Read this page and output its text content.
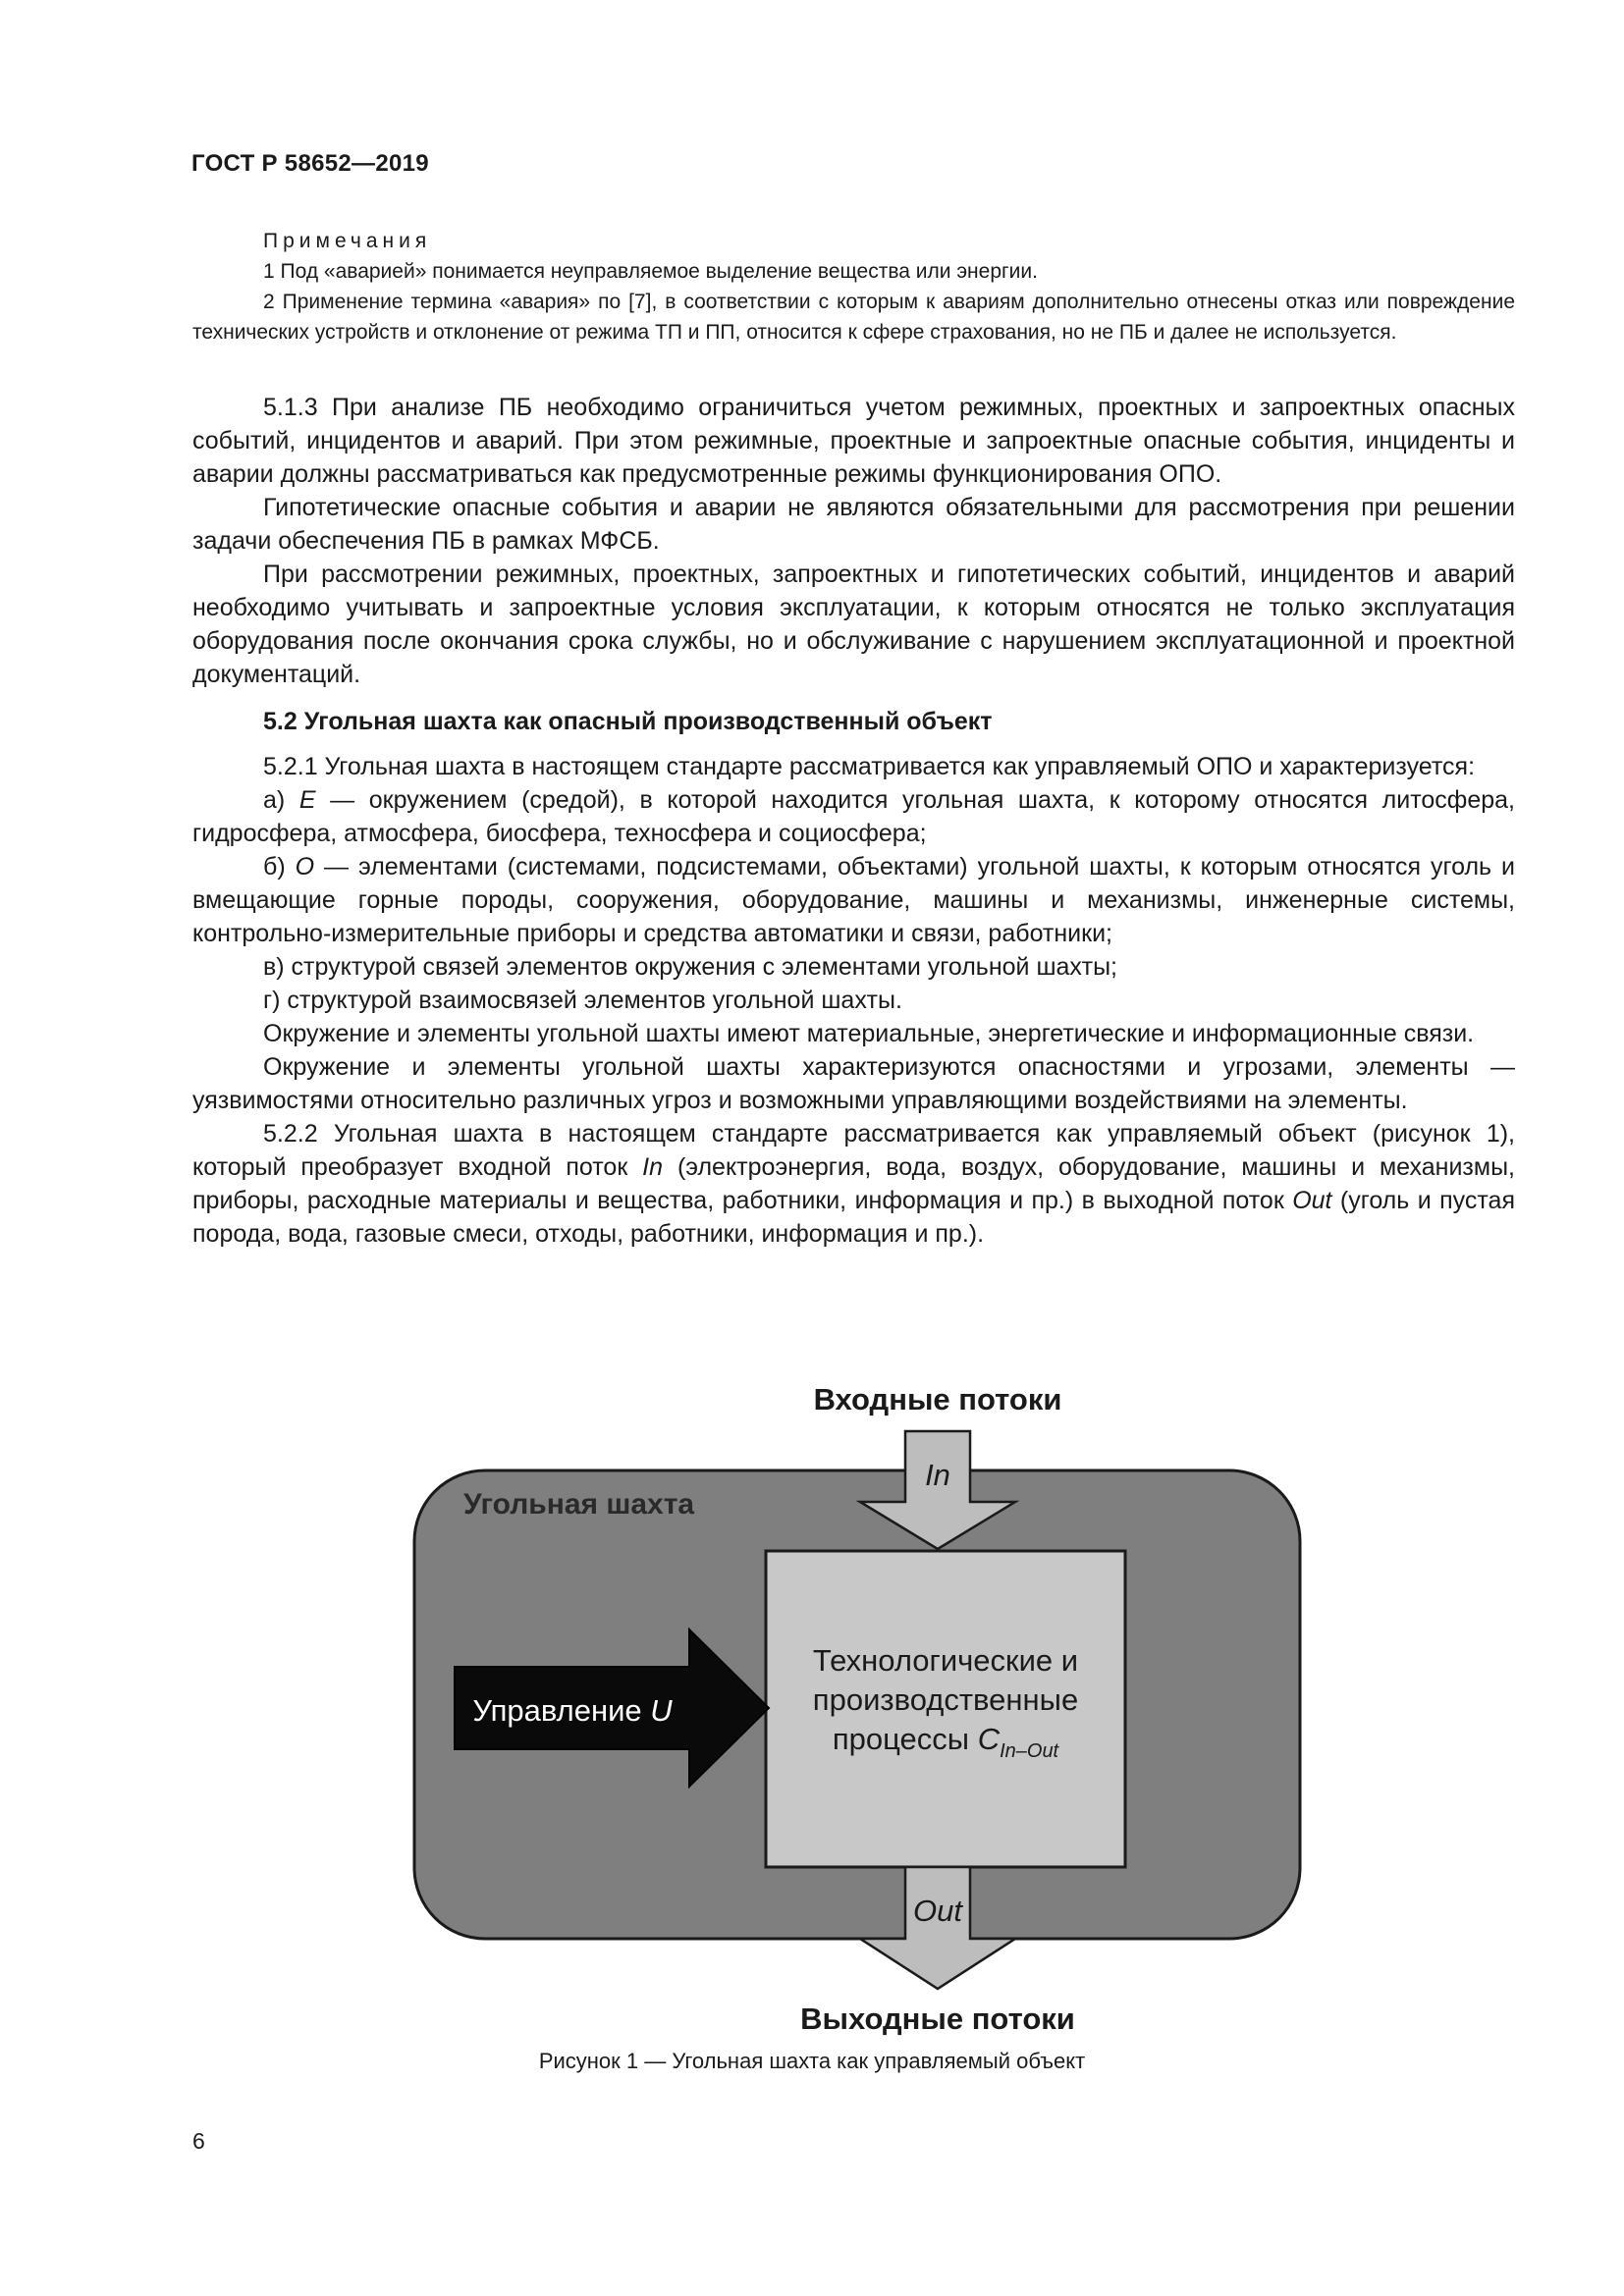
ГОСТ Р 58652—2019
Примечания

1 Под «аварией» понимается неуправляемое выделение вещества или энергии.

2 Применение термина «авария» по [7], в соответствии с которым к авариям дополнительно отнесены отказ или повреждение технических устройств и отклонение от режима ТП и ПП, относится к сфере страхования, но не ПБ и далее не используется.

5.1.3 При анализе ПБ необходимо ограничиться учетом режимных, проектных и запроектных опасных событий, инцидентов и аварий. При этом режимные, проектные и запроектные опасные события, инциденты и аварии должны рассматриваться как предусмотренные режимы функционирования ОПО.

Гипотетические опасные события и аварии не являются обязательными для рассмотрения при решении задачи обеспечения ПБ в рамках МФСБ.

При рассмотрении режимных, проектных, запроектных и гипотетических событий, инцидентов и аварий необходимо учитывать и запроектные условия эксплуатации, к которым относятся не только эксплуатация оборудования после окончания срока службы, но и обслуживание с нарушением эксплуатационной и проектной документаций.

5.2 Угольная шахта как опасный производственный объект

5.2.1 Угольная шахта в настоящем стандарте рассматривается как управляемый ОПО и характеризуется:

а) E — окружением (средой), в которой находится угольная шахта, к которому относятся литосфера, гидросфера, атмосфера, биосфера, техносфера и социосфера;

б) O — элементами (системами, подсистемами, объектами) угольной шахты, к которым относятся уголь и вмещающие горные породы, сооружения, оборудование, машины и механизмы, инженерные системы, контрольно-измерительные приборы и средства автоматики и связи, работники;

в) структурой связей элементов окружения с элементами угольной шахты;

г) структурой взаимосвязей элементов угольной шахты.

Окружение и элементы угольной шахты имеют материальные, энергетические и информационные связи.

Окружение и элементы угольной шахты характеризуются опасностями и угрозами, элементы — уязвимостями относительно различных угроз и возможными управляющими воздействиями на элементы.

5.2.2 Угольная шахта в настоящем стандарте рассматривается как управляемый объект (рисунок 1), который преобразует входной поток In (электроэнергия, вода, воздух, оборудование, машины и механизмы, приборы, расходные материалы и вещества, работники, информация и пр.) в выходной поток Out (уголь и пустая порода, вода, газовые смеси, отходы, работники, информация и пр.).

Входные потоки
Угольная шахта
In
Технологические и
производственные
процессы $C_{In-Out}$
Управление U
Out
Выходные потоки
Рисунок 1 — Угольная шахта как управляемый объект
6
